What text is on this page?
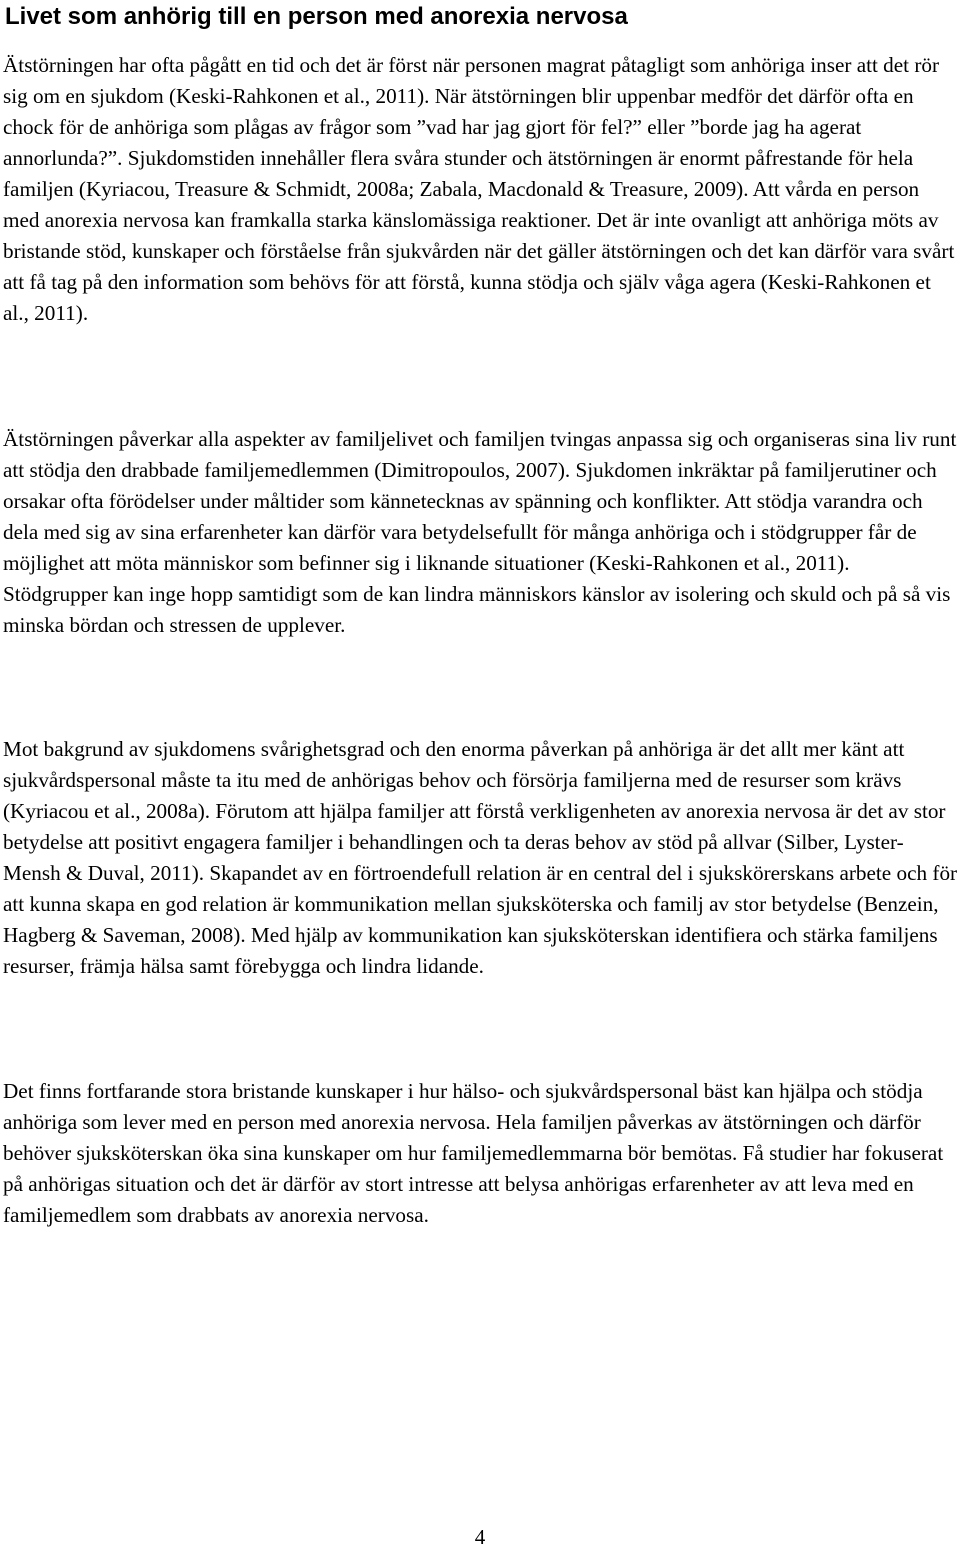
Livet som anhörig till en person med anorexia nervosa

Ätstörningen har ofta pågått en tid och det är först när personen magrat påtagligt som anhöriga inser att det rör sig om en sjukdom (Keski-Rahkonen et al., 2011). När ätstörningen blir uppenbar medför det därför ofta en chock för de anhöriga som plågas av frågor som ”vad har jag gjort för fel?” eller ”borde jag ha agerat annorlunda?”. Sjukdomstiden innehåller flera svåra stunder och ätstörningen är enormt påfrestande för hela familjen (Kyriacou, Treasure & Schmidt, 2008a; Zabala, Macdonald & Treasure, 2009). Att vårda en person med anorexia nervosa kan framkalla starka känslomässiga reaktioner. Det är inte ovanligt att anhöriga möts av bristande stöd, kunskaper och förståelse från sjukvården när det gäller ätstörningen och det kan därför vara svårt att få tag på den information som behövs för att förstå, kunna stödja och själv våga agera (Keski-Rahkonen et al., 2011).

Ätstörningen påverkar alla aspekter av familjelivet och familjen tvingas anpassa sig och organiseras sina liv runt att stödja den drabbade familjemedlemmen (Dimitropoulos, 2007). Sjukdomen inkräktar på familjerutiner och orsakar ofta förödelser under måltider som kännetecknas av spänning och konflikter. Att stödja varandra och dela med sig av sina erfarenheter kan därför vara betydelsefullt för många anhöriga och i stödgrupper får de möjlighet att möta människor som befinner sig i liknande situationer (Keski-Rahkonen et al., 2011). Stödgrupper kan inge hopp samtidigt som de kan lindra människors känslor av isolering och skuld och på så vis minska bördan och stressen de upplever.

Mot bakgrund av sjukdomens svårighetsgrad och den enorma påverkan på anhöriga är det allt mer känt att sjukvårdspersonal måste ta itu med de anhörigas behov och försörja familjerna med de resurser som krävs (Kyriacou et al., 2008a). Förutom att hjälpa familjer att förstå verkligenheten av anorexia nervosa är det av stor betydelse att positivt engagera familjer i behandlingen och ta deras behov av stöd på allvar (Silber, Lyster-Mensh & Duval, 2011). Skapandet av en förtroendefull relation är en central del i sjukskörerskans arbete och för att kunna skapa en god relation är kommunikation mellan sjuksköterska och familj av stor betydelse (Benzein, Hagberg & Saveman, 2008). Med hjälp av kommunikation kan sjuksköterskan identifiera och stärka familjens resurser, främja hälsa samt förebygga och lindra lidande.

Det finns fortfarande stora bristande kunskaper i hur hälso- och sjukvårdspersonal bäst kan hjälpa och stödja anhöriga som lever med en person med anorexia nervosa. Hela familjen påverkas av ätstörningen och därför behöver sjuksköterskan öka sina kunskaper om hur familjemedlemmarna bör bemötas. Få studier har fokuserat på anhörigas situation och det är därför av stort intresse att belysa anhörigas erfarenheter av att leva med en familjemedlem som drabbats av anorexia nervosa.

4
